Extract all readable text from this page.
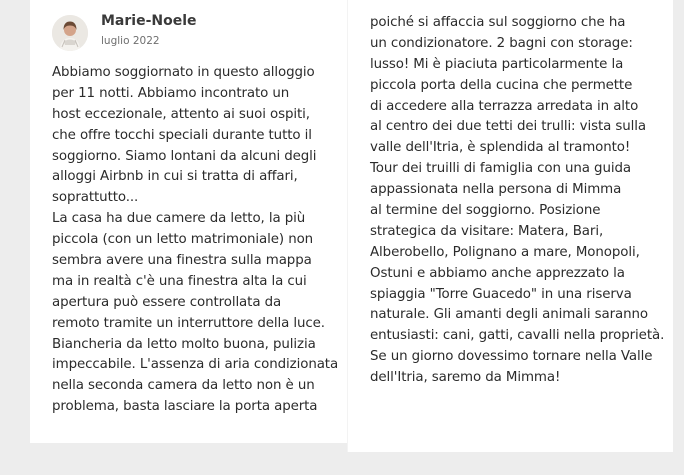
Marie-Noele
luglio 2022
Abbiamo soggiornato in questo alloggio
per 11 notti. Abbiamo incontrato un
host eccezionale, attento ai suoi ospiti,
che offre tocchi speciali durante tutto il
soggiorno. Siamo lontani da alcuni degli
alloggi Airbnb in cui si tratta di affari,
soprattutto...
La casa ha due camere da letto, la più
piccola (con un letto matrimoniale) non
sembra avere una finestra sulla mappa
ma in realtà c'è una finestra alta la cui
apertura può essere controllata da
remoto tramite un interruttore della luce.
Biancheria da letto molto buona, pulizia
impeccabile. L'assenza di aria condizionata
nella seconda camera da letto non è un
problema, basta lasciare la porta aperta
poiché si affaccia sul soggiorno che ha
un condizionatore. 2 bagni con storage:
lusso! Mi è piaciuta particolarmente la
piccola porta della cucina che permette
di accedere alla terrazza arredata in alto
al centro dei due tetti dei trulli: vista sulla
valle dell'Itria, è splendida al tramonto!
Tour dei truilli di famiglia con una guida
appassionata nella persona di Mimma
al termine del soggiorno. Posizione
strategica da visitare: Matera, Bari,
Alberobello, Polignano a mare, Monopoli,
Ostuni e abbiamo anche apprezzato la
spiaggia "Torre Guacedo" in una riserva
naturale. Gli amanti degli animali saranno
entusiasti: cani, gatti, cavalli nella proprietà.
Se un giorno dovessimo tornare nella Valle
dell'Itria, saremo da Mimma!
